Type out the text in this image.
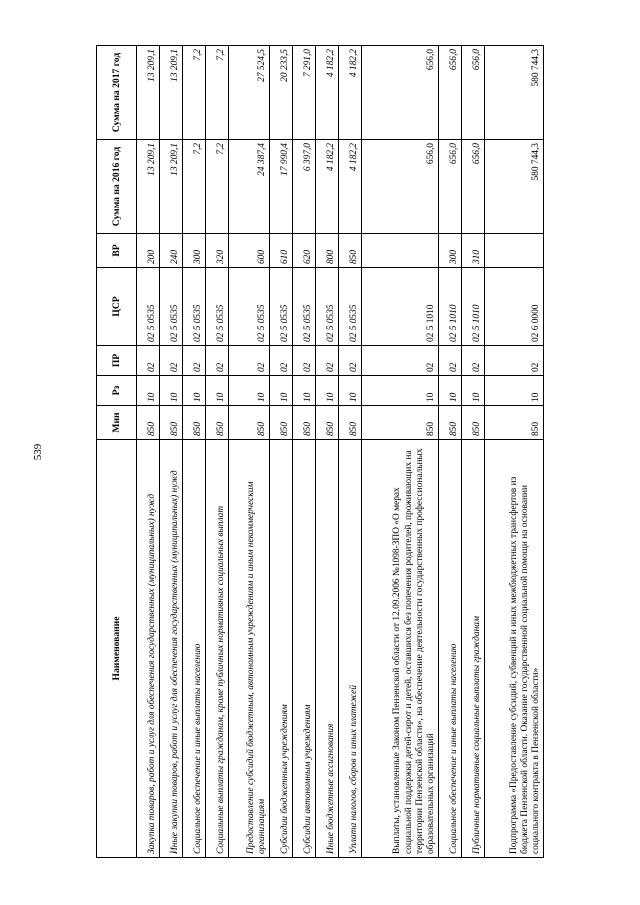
539
Наименование	Мин	Рз	ПР	ЦСР	ВР	Сумма на 2016 год	Сумма на 2017 год
Закупка товаров, работ и услуг для обеспечения государственных (муниципальных) нужд	850	10	02	02 5 0535	200	13 209,1	13 209,1
Иные закупки товаров, работ и услуг для обеспечения государственных (муниципальных) нужд	850	10	02	02 5 0535	240	13 209,1	13 209,1
Социальное обеспечение и иные выплаты населению	850	10	02	02 5 0535	300	7,2	7,2
Социальные выплаты гражданам, кроме публичных нормативных социальных выплат	850	10	02	02 5 0535	320	7,2	7,2
Предоставление субсидий бюджетным, автономным учреждениям и иным некоммерческим организациям	850	10	02	02 5 0535	600	24 387,4	27 524,5
Субсидии бюджетным учреждениям	850	10	02	02 5 0535	610	17 990,4	20 233,5
Субсидии автономным учреждениям	850	10	02	02 5 0535	620	6 397,0	7 291,0
Иные бюджетные ассигнования	850	10	02	02 5 0535	800	4 182,2	4 182,2
Уплата налогов, сборов и иных платежей	850	10	02	02 5 0535	850	4 182,2	4 182,2
Выплаты, установленные Законом Пензенской области от 12.09.2006 №1098-ЗПО «О мерах социальной поддержки детей-сирот и детей, оставшихся без попечения родителей, проживающих на территории Пензенской области», на обеспечение деятельности государственных профессиональных образовательных организаций	850	10	02	02 5 1010		656,0	656,0
Социальное обеспечение и иные выплаты населению	850	10	02	02 5 1010	300	656,0	656,0
Публичные нормативные социальные выплаты гражданам	850	10	02	02 5 1010	310	656,0	656,0
Подпрограмма «Предоставление субсидий, субвенций и иных межбюджетных трансфертов из бюджета Пензенской области. Оказание государственной социальной помощи на основании социального контракта в Пензенской области»	850	10	02	02 6 0000		580 744,3	580 744,3
